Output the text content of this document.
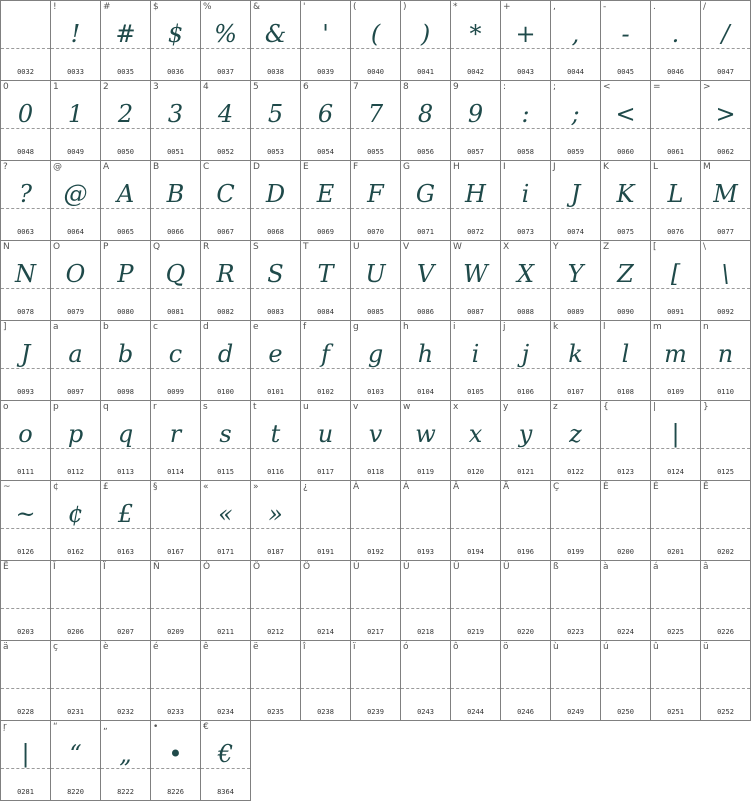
0032
!
!
0033
#
#
0035
$
$
0036
%
%
0037
&
&
0038
'
'
0039
(
(
0040
)
)
0041
*
*
0042
+
+
0043
,
,
0044
-
-
0045
.
.
0046
/
/
0047
0
0
0048
1
1
0049
2
2
0050
3
3
0051
4
4
0052
5
5
0053
6
6
0054
7
7
0055
8
8
0056
9
9
0057
:
:
0058
;
;
0059
<
<
0060
=
0061
>
>
0062
?
?
0063
@
@
0064
A
A
0065
B
B
0066
C
C
0067
D
D
0068
E
E
0069
F
F
0070
G
G
0071
H
H
0072
I
i
0073
J
J
0074
K
K
0075
L
L
0076
M
M
0077
N
N
0078
O
O
0079
P
P
0080
Q
Q
0081
R
R
0082
S
S
0083
T
T
0084
U
U
0085
V
V
0086
W
W
0087
X
X
0088
Y
Y
0089
Z
Z
0090
[
[
0091
\
\
0092
]
J
0093
a
a
0097
b
b
0098
c
c
0099
d
d
0100
e
e
0101
f
f
0102
g
g
0103
h
h
0104
i
i
0105
j
j
0106
k
k
0107
l
l
0108
m
m
0109
n
n
0110
o
o
0111
p
p
0112
q
q
0113
r
r
0114
s
s
0115
t
t
0116
u
u
0117
v
v
0118
w
w
0119
x
x
0120
y
y
0121
z
z
0122
{
0123
|
|
0124
}
0125
~
~
0126
¢
¢
0162
£
£
0163
§
0167
«
«
0171
»
»
0187
¿
0191
À
0192
Á
0193
Â
0194
Ä
0196
Ç
0199
È
0200
É
0201
Ê
0202
Ë
0203
Î
0206
Ï
0207
Ñ
0209
Ó
0211
Ô
0212
Ö
0214
Ù
0217
Ú
0218
Û
0219
Ü
0220
ß
0223
à
0224
á
0225
â
0226
ä
0228
ç
0231
è
0232
é
0233
ê
0234
ë
0235
î
0238
ï
0239
ó
0243
ô
0244
ö
0246
ù
0249
ú
0250
û
0251
ü
0252
ŗ
|
0281
“
“
8220
„
„
8222
•
•
8226
€
€
8364
